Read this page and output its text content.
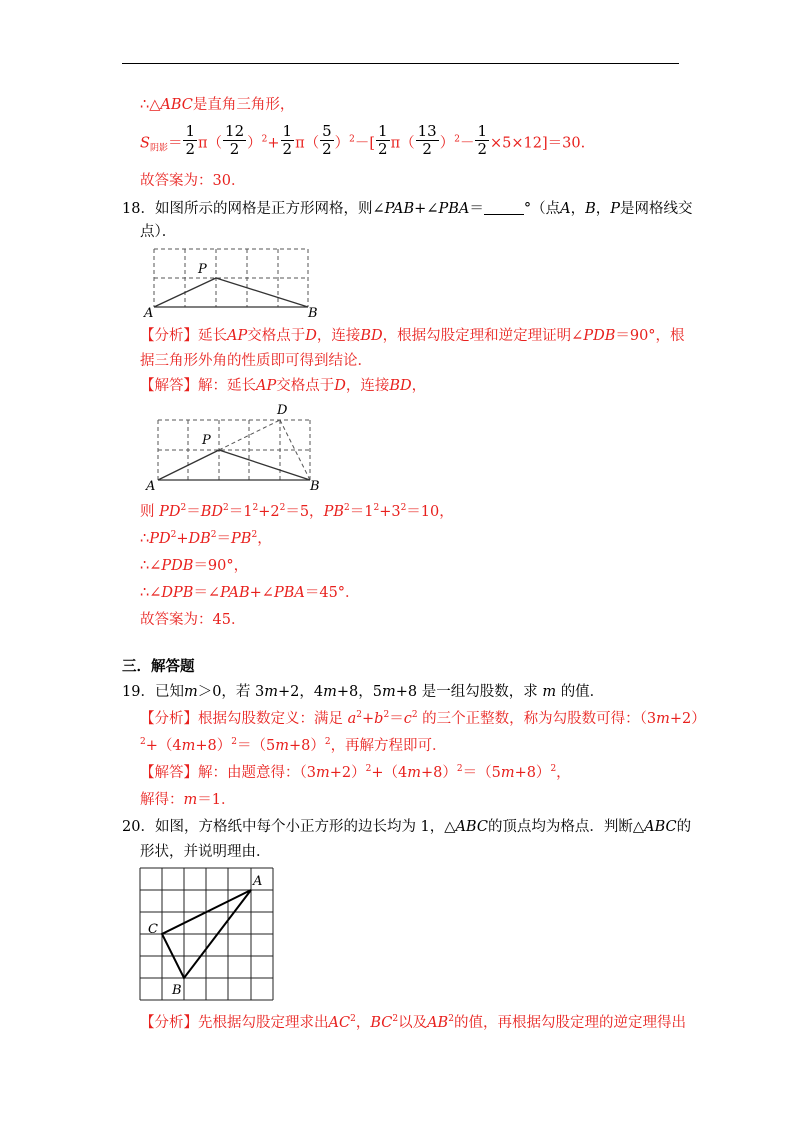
∴△ABC是直角三角形，
$S_{阴影}= \frac{1}{2} \pi( \frac{12}{2} )^2+ \frac{1}{2} \pi( \frac{5}{2} )^2-[ \frac{1}{2} \pi( \frac{13}{2} )^2- \frac{1}{2} \times 5\times 12]=30$.
故答案为：30．
18．如图所示的网格是正方形网格，则∠PAB+∠PBA＝	°（点A，B，P是网格线交
点）．
A	B
P
【分析】延长AP交格点于D，连接BD，根据勾股定理和逆定理证明∠PDB＝90°，根
据三角形外角的性质即可得到结论．
【解答】解：延长AP交格点于D，连接BD，
A	B
P
D
则 $PD^2=BD^2=1^2+2^2=5$，$PB^2=1^2+3^2=10$，
$\therefore PD^2+DB^2=PB^2$，
∴∠PDB＝90°，
∴∠DPB＝∠PAB+∠PBA＝45°．
故答案为：45．
三．解答题
19．已知m＞0，若 3m+2，4m+8，5m+8 是一组勾股数，求 m 的值．
【分析】根据勾股数定义：满足 $a^2+b^2=c^2$ 的三个正整数，称为勾股数可得：（3m+2）
$^2+(4m+8)^2=(5m+8)^2$，再解方程即可．
【解答】解：由题意得：$(3m+2)^2+(4m+8)^2=(5m+8)^2$，
解得：m＝1．
20．如图，方格纸中每个小正方形的边长均为 1，△ABC的顶点均为格点．判断△ABC的
形状，并说明理由．
A
C
B
【分析】先根据勾股定理求出$AC^2$，$BC^2$以及$AB^2$的值，再根据勾股定理的逆定理得出
